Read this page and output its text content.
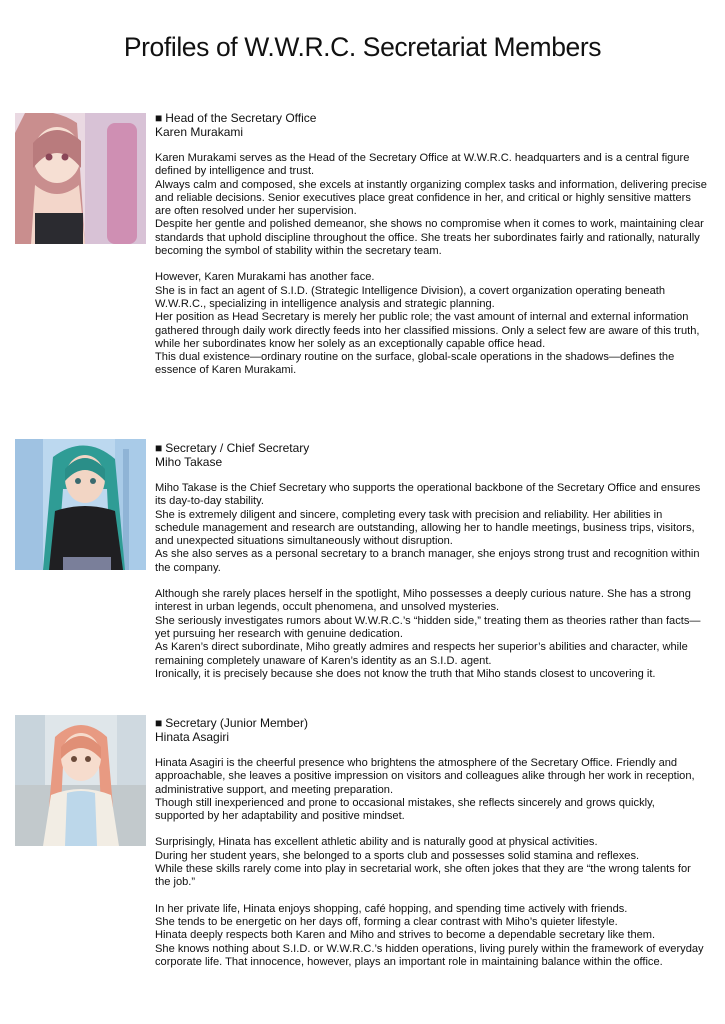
Profiles of W.W.R.C. Secretariat Members
■ Head of the Secretary Office
Karen Murakami
Karen Murakami serves as the Head of the Secretary Office at W.W.R.C. headquarters and is a central figure defined by intelligence and trust.
Always calm and composed, she excels at instantly organizing complex tasks and information, delivering precise and reliable decisions. Senior executives place great confidence in her, and critical or highly sensitive matters are often resolved under her supervision.
Despite her gentle and polished demeanor, she shows no compromise when it comes to work, maintaining clear standards that uphold discipline throughout the office. She treats her subordinates fairly and rationally, naturally becoming the symbol of stability within the secretary team.
However, Karen Murakami has another face.
She is in fact an agent of S.I.D. (Strategic Intelligence Division), a covert organization operating beneath W.W.R.C., specializing in intelligence analysis and strategic planning.
Her position as Head Secretary is merely her public role; the vast amount of internal and external information gathered through daily work directly feeds into her classified missions. Only a select few are aware of this truth, while her subordinates know her solely as an exceptionally capable office head.
This dual existence—ordinary routine on the surface, global-scale operations in the shadows—defines the essence of Karen Murakami.
■ Secretary / Chief Secretary
Miho Takase
Miho Takase is the Chief Secretary who supports the operational backbone of the Secretary Office and ensures its day-to-day stability.
She is extremely diligent and sincere, completing every task with precision and reliability. Her abilities in schedule management and research are outstanding, allowing her to handle meetings, business trips, visitors, and unexpected situations simultaneously without disruption.
As she also serves as a personal secretary to a branch manager, she enjoys strong trust and recognition within the company.
Although she rarely places herself in the spotlight, Miho possesses a deeply curious nature. She has a strong interest in urban legends, occult phenomena, and unsolved mysteries.
She seriously investigates rumors about W.W.R.C.’s “hidden side,” treating them as theories rather than facts—yet pursuing her research with genuine dedication.
As Karen’s direct subordinate, Miho greatly admires and respects her superior’s abilities and character, while remaining completely unaware of Karen’s identity as an S.I.D. agent.
Ironically, it is precisely because she does not know the truth that Miho stands closest to uncovering it.
■ Secretary (Junior Member)
Hinata Asagiri
Hinata Asagiri is the cheerful presence who brightens the atmosphere of the Secretary Office. Friendly and approachable, she leaves a positive impression on visitors and colleagues alike through her work in reception, administrative support, and meeting preparation.
Though still inexperienced and prone to occasional mistakes, she reflects sincerely and grows quickly, supported by her adaptability and positive mindset.
Surprisingly, Hinata has excellent athletic ability and is naturally good at physical activities.
During her student years, she belonged to a sports club and possesses solid stamina and reflexes.
While these skills rarely come into play in secretarial work, she often jokes that they are “the wrong talents for the job.”
In her private life, Hinata enjoys shopping, café hopping, and spending time actively with friends.
She tends to be energetic on her days off, forming a clear contrast with Miho’s quieter lifestyle.
Hinata deeply respects both Karen and Miho and strives to become a dependable secretary like them.
She knows nothing about S.I.D. or W.W.R.C.’s hidden operations, living purely within the framework of everyday corporate life. That innocence, however, plays an important role in maintaining balance within the office.
